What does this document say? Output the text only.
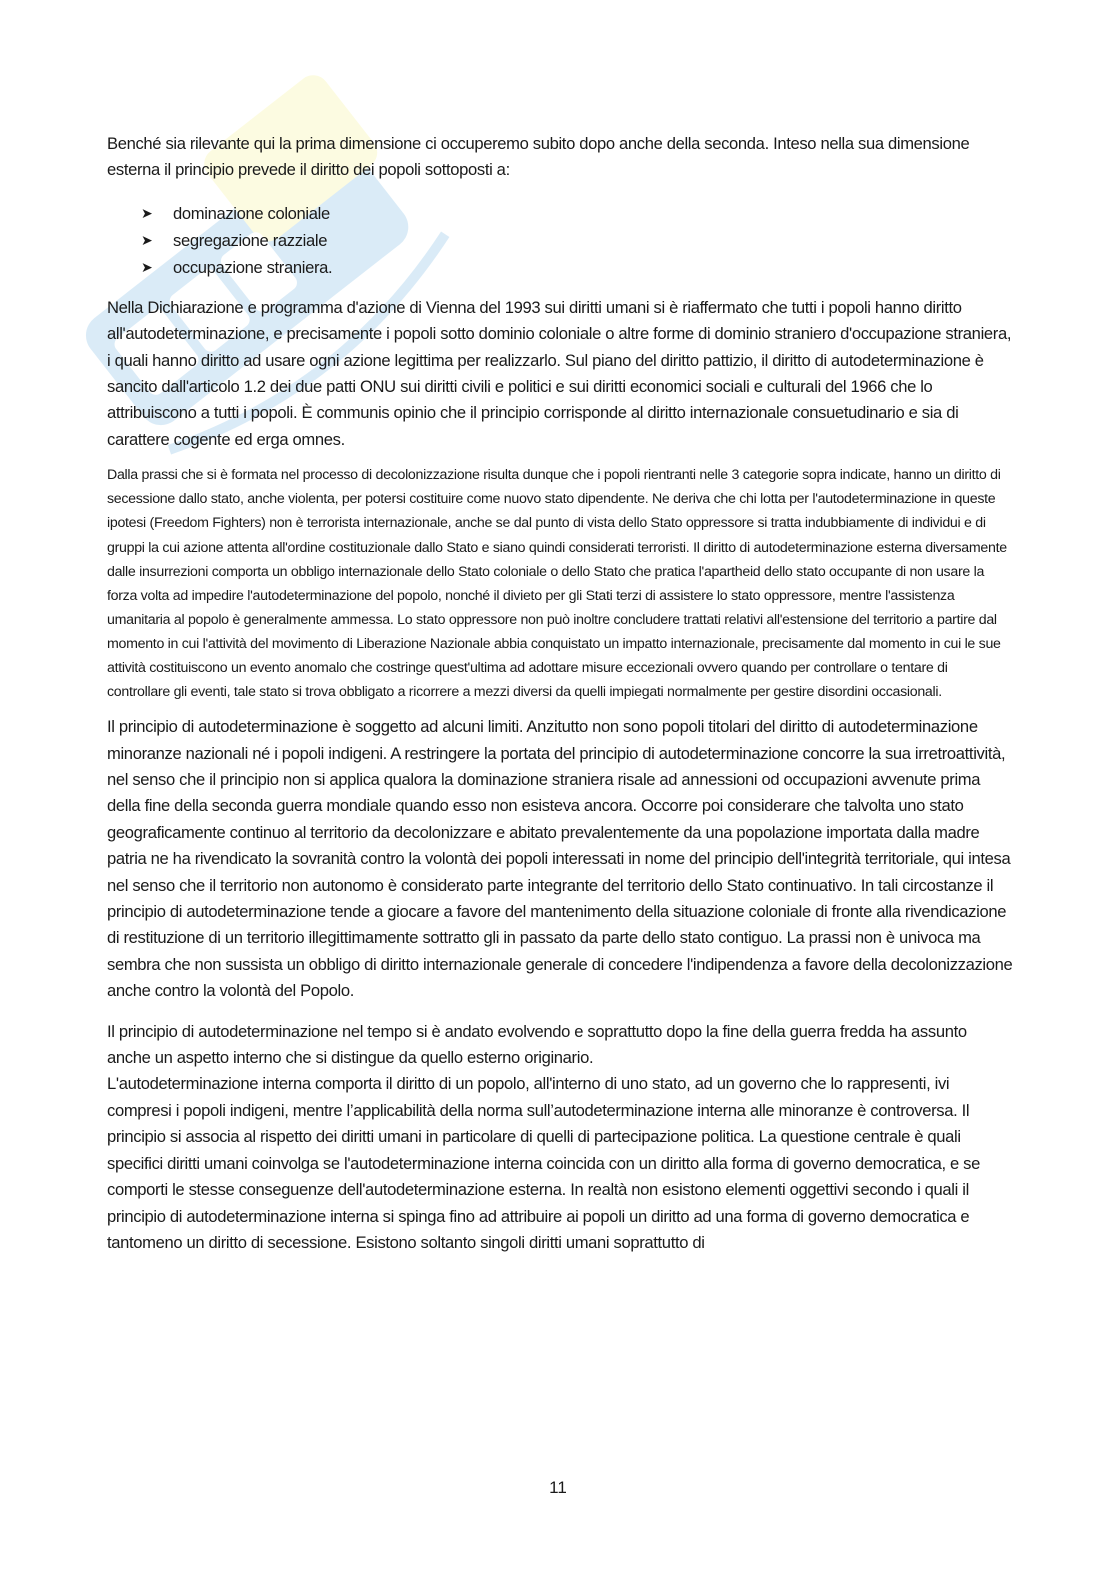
Benché sia rilevante qui la prima dimensione ci occuperemo subito dopo anche della seconda. Inteso nella sua dimensione esterna il principio prevede il diritto dei popoli sottoposti a:

➤	dominazione coloniale
➤	segregazione razziale
➤	occupazione straniera.

Nella Dichiarazione e programma d'azione di Vienna del 1993 sui diritti umani si è riaffermato che tutti i popoli hanno diritto all'autodeterminazione, e precisamente i popoli sotto dominio coloniale o altre forme di dominio straniero d'occupazione straniera, i quali hanno diritto ad usare ogni azione legittima per realizzarlo. Sul piano del diritto pattizio, il diritto di autodeterminazione è sancito dall'articolo 1.2 dei due patti ONU sui diritti civili e politici e sui diritti economici sociali e culturali del 1966 che lo attribuiscono a tutti i popoli. È communis opinio che il principio corrisponde al diritto internazionale consuetudinario e sia di carattere cogente ed erga omnes.

Dalla prassi che si è formata nel processo di decolonizzazione risulta dunque che i popoli rientranti nelle 3 categorie sopra indicate, hanno un diritto di secessione dallo stato, anche violenta, per potersi costituire come nuovo stato dipendente. Ne deriva che chi lotta per l'autodeterminazione in queste ipotesi (Freedom Fighters) non è terrorista internazionale, anche se dal punto di vista dello Stato oppressore si tratta indubbiamente di individui e di gruppi la cui azione attenta all'ordine costituzionale dallo Stato e siano quindi considerati terroristi. Il diritto di autodeterminazione esterna diversamente dalle insurrezioni comporta un obbligo internazionale dello Stato coloniale o dello Stato che pratica l'apartheid dello stato occupante di non usare la forza volta ad impedire l'autodeterminazione del popolo, nonché il divieto per gli Stati terzi di assistere lo stato oppressore, mentre l'assistenza umanitaria al popolo è generalmente ammessa. Lo stato oppressore non può inoltre concludere trattati relativi all'estensione del territorio a partire dal momento in cui l'attività del movimento di Liberazione Nazionale abbia conquistato un impatto internazionale, precisamente dal momento in cui le sue attività costituiscono un evento anomalo che costringe quest'ultima ad adottare misure eccezionali ovvero quando per controllare o tentare di controllare gli eventi, tale stato si trova obbligato a ricorrere a mezzi diversi da quelli impiegati normalmente per gestire disordini occasionali.

Il principio di autodeterminazione è soggetto ad alcuni limiti. Anzitutto non sono popoli titolari del diritto di autodeterminazione minoranze nazionali né i popoli indigeni. A restringere la portata del principio di autodeterminazione concorre la sua irretroattività, nel senso che il principio non si applica qualora la dominazione straniera risale ad annessioni od occupazioni avvenute prima della fine della seconda guerra mondiale quando esso non esisteva ancora. Occorre poi considerare che talvolta uno stato geograficamente continuo al territorio da decolonizzare e abitato prevalentemente da una popolazione importata dalla madre patria ne ha rivendicato la sovranità contro la volontà dei popoli interessati in nome del principio dell'integrità territoriale, qui intesa nel senso che il territorio non autonomo è considerato parte integrante del territorio dello Stato continuativo. In tali circostanze il principio di autodeterminazione tende a giocare a favore del mantenimento della situazione coloniale di fronte alla rivendicazione di restituzione di un territorio illegittimamente sottratto gli in passato da parte dello stato contiguo. La prassi non è univoca ma sembra che non sussista un obbligo di diritto internazionale generale di concedere l'indipendenza a favore della decolonizzazione anche contro la volontà del Popolo.

Il principio di autodeterminazione nel tempo si è andato evolvendo e soprattutto dopo la fine della guerra fredda ha assunto anche un aspetto interno che si distingue da quello esterno originario.

L'autodeterminazione interna comporta il diritto di un popolo, all'interno di uno stato, ad un governo che lo rappresenti, ivi compresi i popoli indigeni, mentre l’applicabilità della norma sull’autodeterminazione interna alle minoranze è controversa. Il principio si associa al rispetto dei diritti umani in particolare di quelli di partecipazione politica. La questione centrale è quali specifici diritti umani coinvolga se l'autodeterminazione interna coincida con un diritto alla forma di governo democratica, e se comporti le stesse conseguenze dell'autodeterminazione esterna. In realtà non esistono elementi oggettivi secondo i quali il principio di autodeterminazione interna si spinga fino ad attribuire ai popoli un diritto ad una forma di governo democratica e tantomeno un diritto di secessione. Esistono soltanto singoli diritti umani soprattutto di

11
